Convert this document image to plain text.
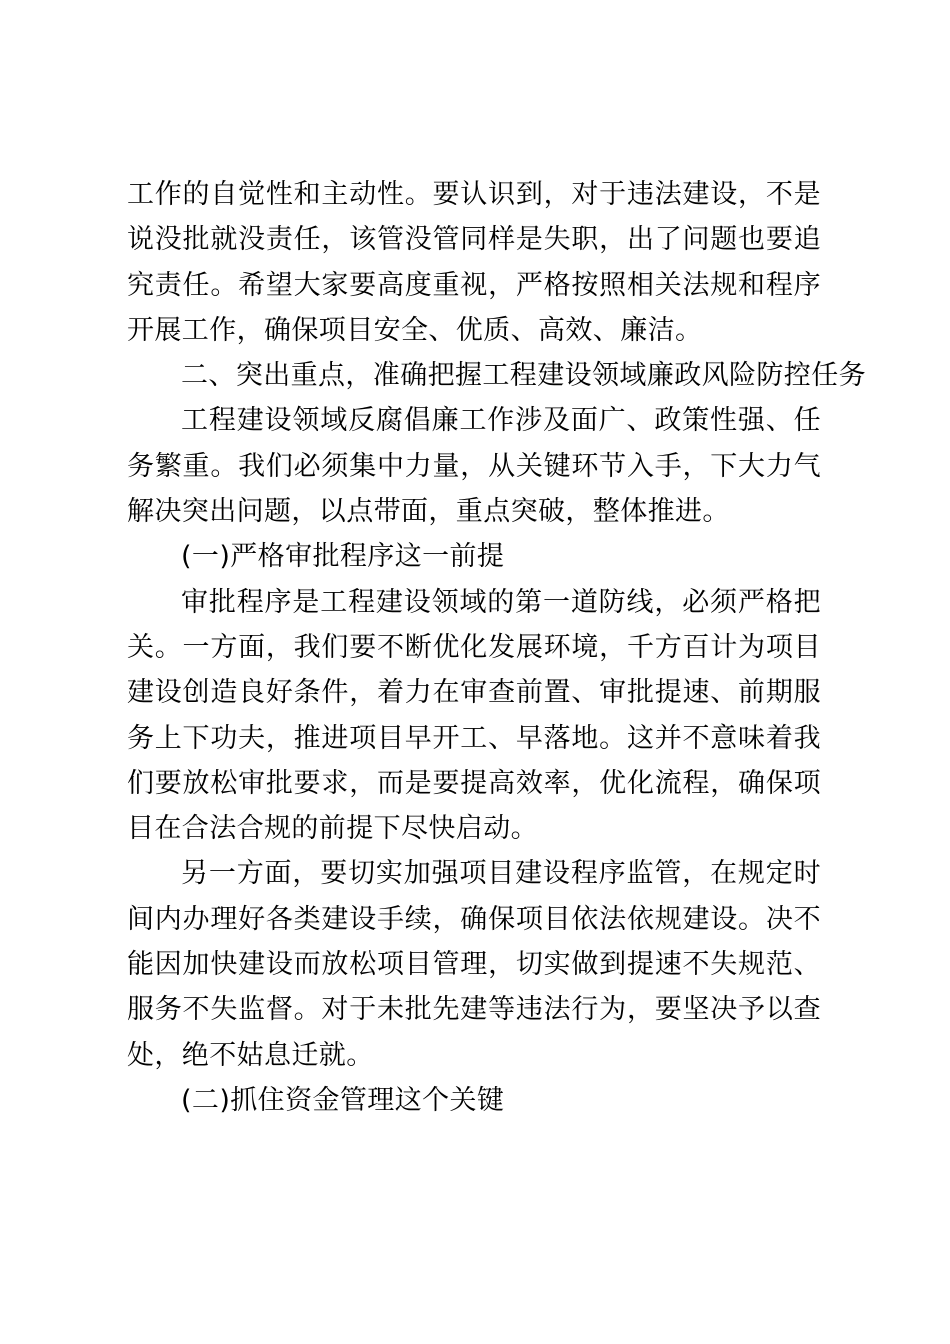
工作的自觉性和主动性。要认识到，对于违法建设，不是说没批就没责任，该管没管同样是失职，出了问题也要追究责任。希望大家要高度重视，严格按照相关法规和程序开展工作，确保项目安全、优质、高效、廉洁。

二、突出重点，准确把握工程建设领域廉政风险防控任务

工程建设领域反腐倡廉工作涉及面广、政策性强、任务繁重。我们必须集中力量，从关键环节入手，下大力气解决突出问题，以点带面，重点突破，整体推进。

(一)严格审批程序这一前提

审批程序是工程建设领域的第一道防线，必须严格把关。一方面，我们要不断优化发展环境，千方百计为项目建设创造良好条件，着力在审查前置、审批提速、前期服务上下功夫，推进项目早开工、早落地。这并不意味着我们要放松审批要求，而是要提高效率，优化流程，确保项目在合法合规的前提下尽快启动。

另一方面，要切实加强项目建设程序监管，在规定时间内办理好各类建设手续，确保项目依法依规建设。决不能因加快建设而放松项目管理，切实做到提速不失规范、服务不失监督。对于未批先建等违法行为，要坚决予以查处，绝不姑息迁就。

(二)抓住资金管理这个关键
